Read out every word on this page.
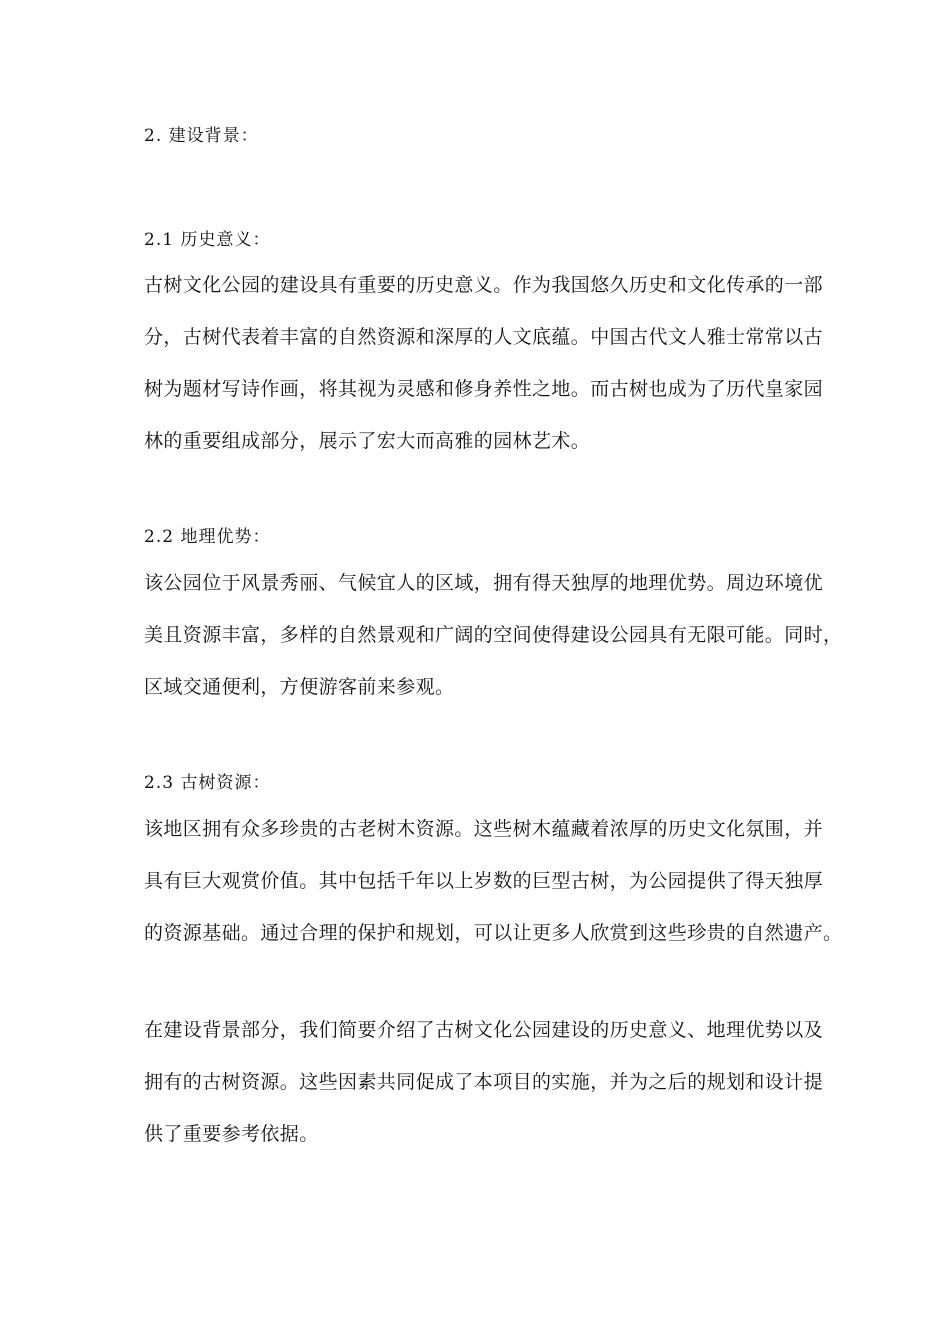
2. 建设背景：
2.1 历史意义：
古树文化公园的建设具有重要的历史意义。作为我国悠久历史和文化传承的一部
分，古树代表着丰富的自然资源和深厚的人文底蕴。中国古代文人雅士常常以古
树为题材写诗作画，将其视为灵感和修身养性之地。而古树也成为了历代皇家园
林的重要组成部分，展示了宏大而高雅的园林艺术。
2.2 地理优势：
该公园位于风景秀丽、气候宜人的区域，拥有得天独厚的地理优势。周边环境优
美且资源丰富，多样的自然景观和广阔的空间使得建设公园具有无限可能。同时，
区域交通便利，方便游客前来参观。
2.3 古树资源：
该地区拥有众多珍贵的古老树木资源。这些树木蕴藏着浓厚的历史文化氛围，并
具有巨大观赏价值。其中包括千年以上岁数的巨型古树，为公园提供了得天独厚
的资源基础。通过合理的保护和规划，可以让更多人欣赏到这些珍贵的自然遗产。
在建设背景部分，我们简要介绍了古树文化公园建设的历史意义、地理优势以及
拥有的古树资源。这些因素共同促成了本项目的实施，并为之后的规划和设计提
供了重要参考依据。
